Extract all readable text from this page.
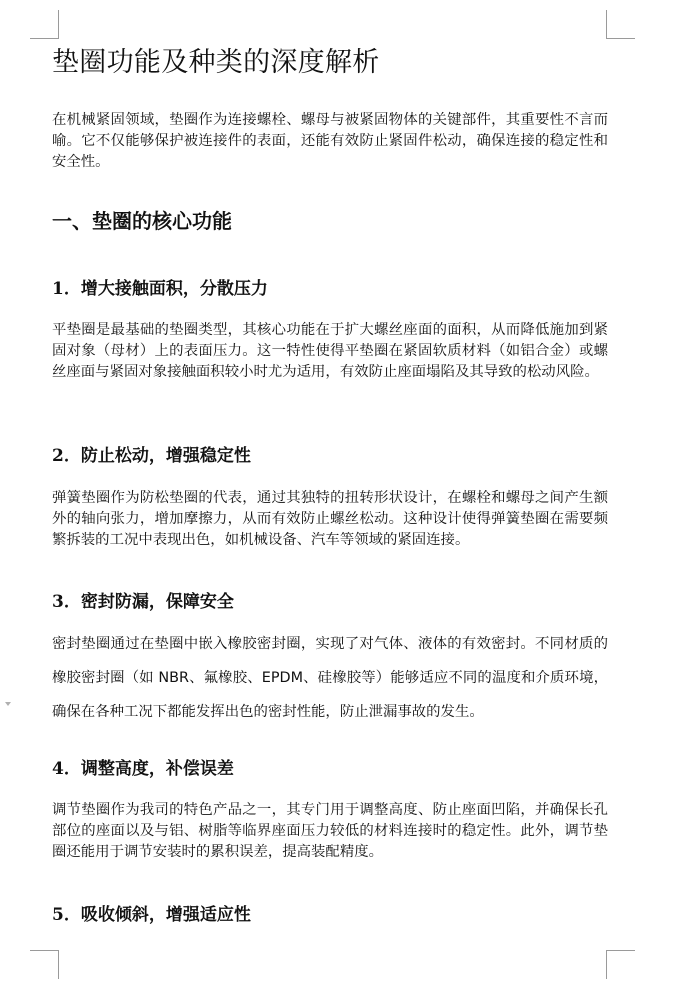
垫圈功能及种类的深度解析

在机械紧固领域，垫圈作为连接螺栓、螺母与被紧固物体的关键部件，其重要性不言而喻。它不仅能够保护被连接件的表面，还能有效防止紧固件松动，确保连接的稳定性和安全性。

一、垫圈的核心功能
1．增大接触面积，分散压力

平垫圈是最基础的垫圈类型，其核心功能在于扩大螺丝座面的面积，从而降低施加到紧固对象（母材）上的表面压力。这一特性使得平垫圈在紧固软质材料（如铝合金）或螺丝座面与紧固对象接触面积较小时尤为适用，有效防止座面塌陷及其导致的松动风险。

2．防止松动，增强稳定性

弹簧垫圈作为防松垫圈的代表，通过其独特的扭转形状设计，在螺栓和螺母之间产生额外的轴向张力，增加摩擦力，从而有效防止螺丝松动。这种设计使得弹簧垫圈在需要频繁拆装的工况中表现出色，如机械设备、汽车等领域的紧固连接。

3．密封防漏，保障安全

密封垫圈通过在垫圈中嵌入橡胶密封圈，实现了对气体、液体的有效密封。不同材质的橡胶密封圈（如 NBR、氟橡胶、EPDM、硅橡胶等）能够适应不同的温度和介质环境，确保在各种工况下都能发挥出色的密封性能，防止泄漏事故的发生。

4．调整高度，补偿误差

调节垫圈作为我司的特色产品之一，其专门用于调整高度、防止座面凹陷，并确保长孔部位的座面以及与铝、树脂等临界座面压力较低的材料连接时的稳定性。此外，调节垫圈还能用于调节安装时的累积误差，提高装配精度。

5．吸收倾斜，增强适应性
